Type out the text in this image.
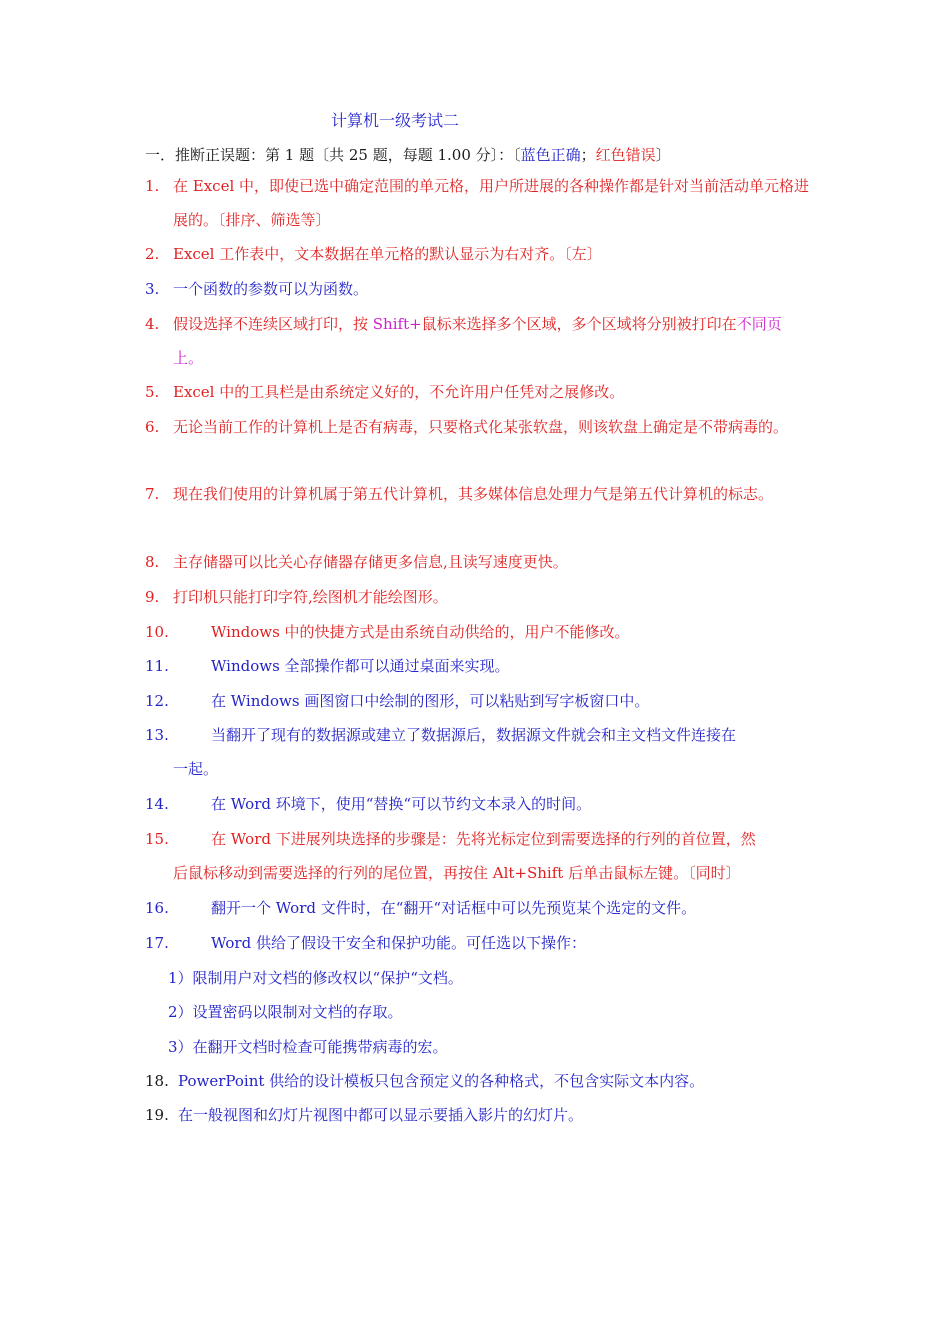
计算机一级考试二
一．推断正误题：第 1 题〔共 25 题，每题 1.00 分〕：〔蓝色正确；红色错误〕
1. 在 Excel 中，即使已选中确定范围的单元格，用户所进展的各种操作都是针对当前活动单元格进展的。〔排序、筛选等〕
2. Excel 工作表中，文本数据在单元格的默认显示为右对齐。〔左〕
3. 一个函数的参数可以为函数。
4. 假设选择不连续区域打印，按 Shift+鼠标来选择多个区域，多个区域将分别被打印在不同页上。
5. Excel 中的工具栏是由系统定义好的，不允许用户任凭对之展修改。
6. 无论当前工作的计算机上是否有病毒，只要格式化某张软盘，则该软盘上确定是不带病毒的。
7. 现在我们使用的计算机属于第五代计算机，其多媒体信息处理力气是第五代计算机的标志。
8. 主存储器可以比关心存储器存储更多信息,且读写速度更快。
9. 打印机只能打印字符,绘图机才能绘图形。
10.	Windows 中的快捷方式是由系统自动供给的，用户不能修改。
11.	Windows 全部操作都可以通过桌面来实现。
12.	在 Windows 画图窗口中绘制的图形，可以粘贴到写字板窗口中。
13.	当翻开了现有的数据源或建立了数据源后，数据源文件就会和主文档文件连接在
一起。
14.	在 Word 环境下，使用“替换“可以节约文本录入的时间。
15.	在 Word 下进展列块选择的步骤是：先将光标定位到需要选择的行列的首位置，然
后鼠标移动到需要选择的行列的尾位置，再按住 Alt+Shift 后单击鼠标左键。〔同时〕
16.	翻开一个 Word 文件时，在“翻开“对话框中可以先预览某个选定的文件。
17.	Word 供给了假设干安全和保护功能。可任选以下操作：
1）限制用户对文档的修改权以“保护“文档。
2）设置密码以限制对文档的存取。
3）在翻开文档时检查可能携带病毒的宏。
18. PowerPoint 供给的设计模板只包含预定义的各种格式，不包含实际文本内容。
19. 在一般视图和幻灯片视图中都可以显示要插入影片的幻灯片。
